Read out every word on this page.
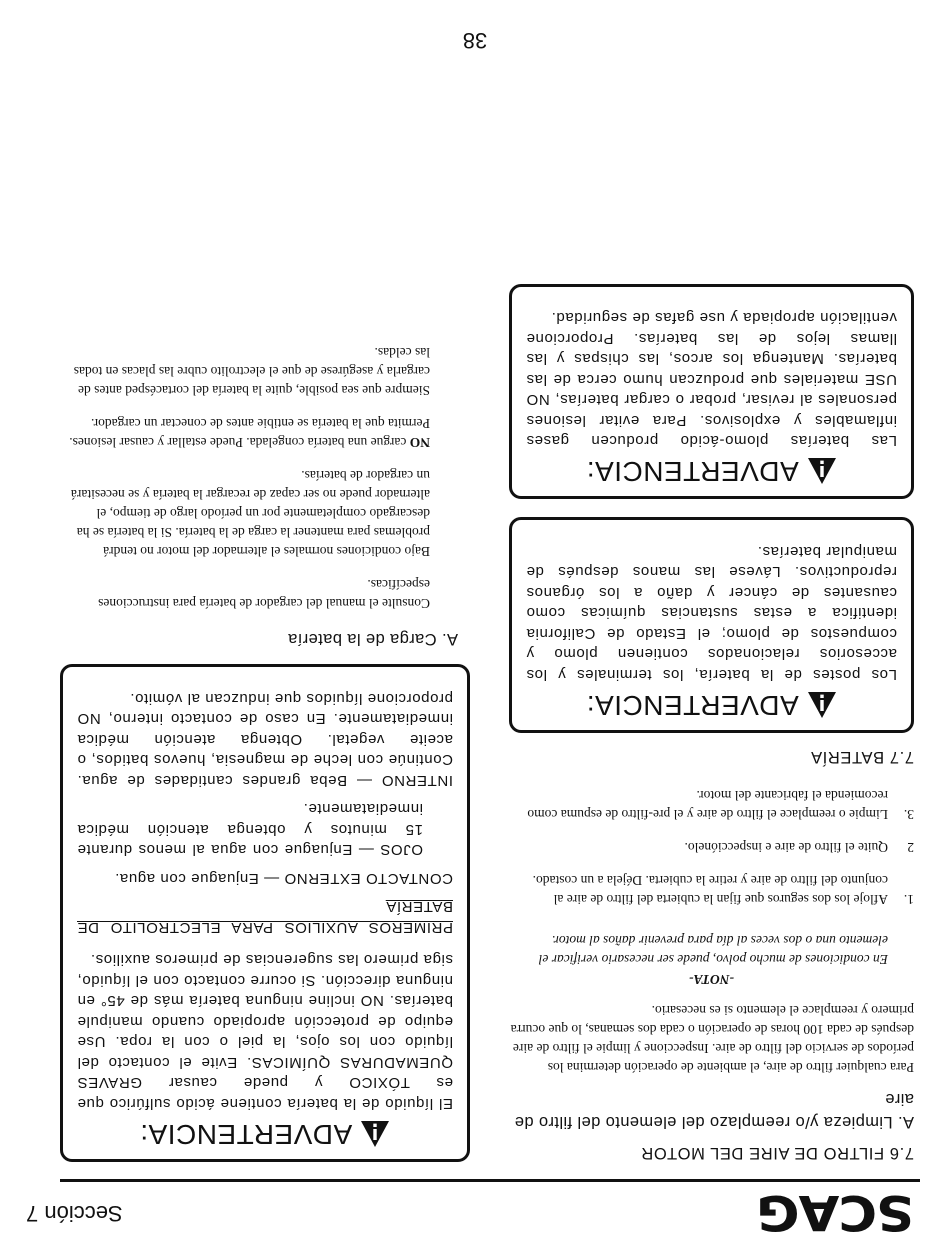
SCAG
Sección 7
7.6 FILTRO DE AIRE DEL MOTOR
A. Limpieza y/o reemplazo del elemento del filtro de aire

Para cualquier filtro de aire, el ambiente de operación determina los períodos de servicio del filtro de aire. Inspeccione y limpie el filtro de aire después de cada 100 horas de operación o cada dos semanas, lo que ocurra primero y reemplace el elemento si es necesario.

-NOTA-

En condiciones de mucho polvo, puede ser necesario verificar el elemento una o dos veces al día para prevenir daños al motor.

1.
Afloje los dos seguros que fijan la cubierta del filtro de aire al conjunto del filtro de aire y retire la cubierta. Déjela a un costado.
2
Quite el filtro de aire e inspecciónelo.
3.
Limpie o reemplace el filtro de aire y el pre-filtro de espuma como recomienda el fabricante del motor.
7.7 BATERÍA
ADVERTENCIA:

Los postes de la batería, los terminales y los accesorios relacionados contienen plomo y compuestos de plomo; el Estado de California identifica a estas sustancias químicas como causantes de cáncer y daño a los órganos reproductivos. Lávese las manos después de manipular baterías.

ADVERTENCIA:

Las baterías plomo-ácido producen gases inflamables y explosivos. Para evitar lesiones personales al revisar, probar o cargar baterías, NO USE materiales que produzcan humo cerca de las baterías. Mantenga los arcos, las chispas y las llamas lejos de las baterías. Proporcione ventilación apropiada y use gafas de seguridad.

ADVERTENCIA:

El líquido de la batería contiene ácido sulfúrico que es TÓXICO y puede causar GRAVES QUEMADURAS QUÍMICAS. Evite el contacto del líquido con los ojos, la piel o con la ropa. Use equipo de protección apropiado cuando manipule baterías. NO incline ninguna batería más de 45° en ninguna dirección. Si ocurre contacto con el líquido, siga primero las sugerencias de primeros auxilios.

PRIMEROS AUXILIOS PARA ELECTROLITO DE BATERÍA

CONTACTO EXTERNO — Enjuague con agua.

OJOS — Enjuague con agua al menos durante 15 minutos y obtenga atención médica inmediatamente.

INTERNO — Beba grandes cantidades de agua. Continúe con leche de magnesia, huevos batidos, o aceite vegetal. Obtenga atención médica inmediatamente. En caso de contacto interno, NO proporcione líquidos que induzcan al vómito.

A. Carga de la batería

Consulte el manual del cargador de batería para instrucciones específicas.

Bajo condiciones normales el alternador del motor no tendrá problemas para mantener la carga de la batería. Si la batería se ha descargado completamente por un período largo de tiempo, el alternador puede no ser capaz de recargar la batería y se necesitará un cargador de baterías.

NO cargue una batería congelada. Puede estallar y causar lesiones. Permita que la batería se entibie antes de conectar un cargador.

Siempre que sea posible, quite la batería del cortacésped antes de cargarla y asegúrese de que el electrolito cubre las placas en todas las celdas.

38
